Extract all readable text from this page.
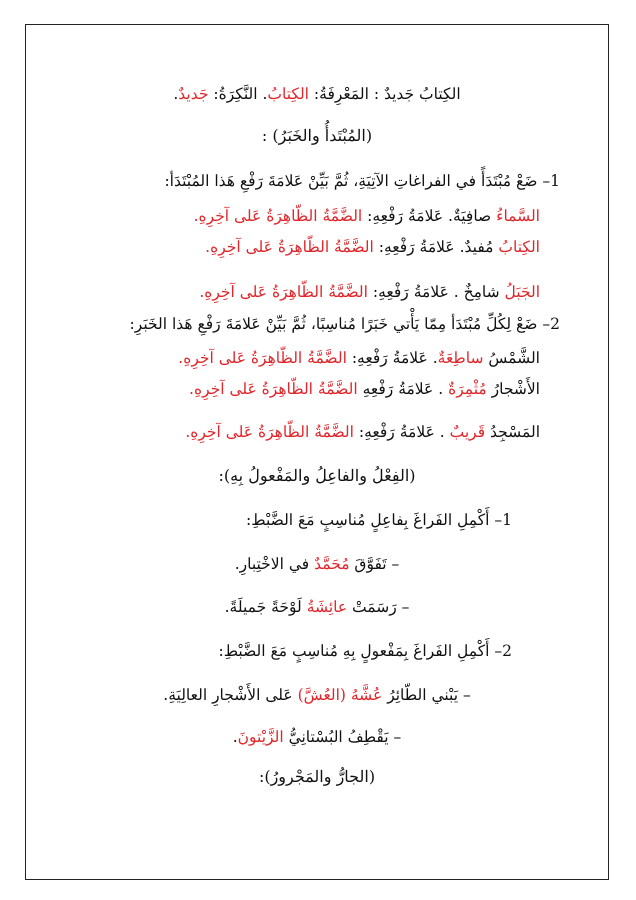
الكِتابُ جَديدٌ : المَعْرِفَةُ: الكِتابُ. النَّكِرَةُ: جَديدٌ.
(المُبْتَدأُ والخَبَرُ) :
1– ضَعْ مُبْتَدَأً في الفراغاتِ الآتِيَةِ، ثُمَّ بَيِّنْ عَلامَةَ رَفْعِ هَذا المُبْتَدَأ:
السَّماءُ صافِيَةٌ. عَلامَةُ رَفْعِهِ: الضَّمَّةُ الظّاهِرَةُ عَلى آخِرِهِ.
الكِتابُ مُفيدٌ. عَلامَةُ رَفْعِهِ: الضَّمَّةُ الظّاهِرَةُ عَلى آخِرِهِ.
الجَبَلُ شامِخٌ . عَلامَةُ رَفْعِهِ: الضَّمَّةُ الظّاهِرَةُ عَلى آخِرِهِ.
2– ضَعْ لِكُلِّ مُبْتَدَأ مِمّا يَأْتي خَبَرًا مُناسِبًا، ثُمَّ بَيِّنْ عَلامَةَ رَفْعِ هَذا الخَبَرِ:
الشَّمْسُ ساطِعَةٌ. عَلامَةُ رَفْعِهِ: الضَّمَّةُ الظّاهِرَةُ عَلى آخِرِهِ.
الأَشْجارُ مُثْمِرَةٌ . عَلامَةُ رَفْعِهِ الضَّمَّةُ الظّاهِرَةُ عَلى آخِرِهِ.
المَسْجِدُ قَريبٌ . عَلامَةُ رَفْعِهِ: الضَّمَّةُ الظّاهِرَةُ عَلى آخِرِهِ.
(الفِعْلُ والفاعِلُ والمَفْعولُ بِهِ):
1– أَكْمِلِ الفَراغَ بِفاعِلٍ مُناسِبٍ مَعَ الضَّبْطِ:
– تَفَوَّقَ مُحَمَّدٌ في الاخْتِبارِ.
– رَسَمَتْ عائِشَةُ لَوْحَةً جَميلَةً.
2– أَكْمِلِ الفَراغَ بِمَفْعولٍ بِهِ مُناسِبٍ مَعَ الضَّبْطِ:
– يَبْني الطّائِرُ عُشَّهُ (العُشَّ) عَلى الأَشْجارِ العالِيَةِ.
– يَقْطِفُ البُسْتانِيُّ الزَّيْتونَ.
(الجارُّ والمَجْرورُ):
